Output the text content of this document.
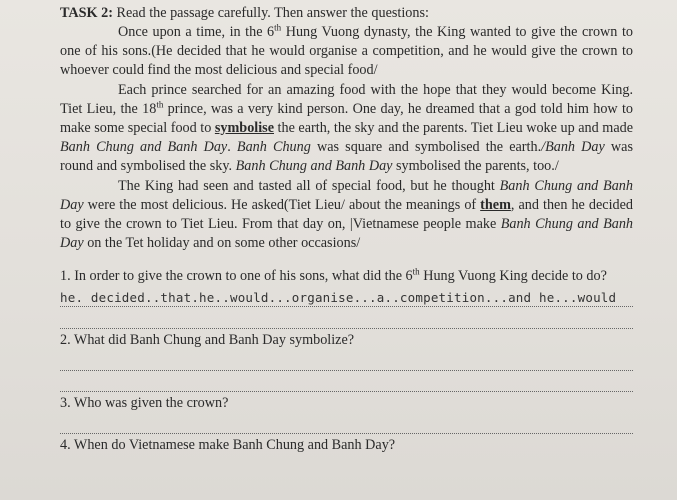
TASK 2: Read the passage carefully. Then answer the questions:

Once upon a time, in the 6th Hung Vuong dynasty, the King wanted to give the crown to one of his sons.(He decided that he would organise a competition, and he would give the crown to whoever could find the most delicious and special food/

Each prince searched for an amazing food with the hope that they would become King. Tiet Lieu, the 18th prince, was a very kind person. One day, he dreamed that a god told him how to make some special food to symbolise the earth, the sky and the parents. Tiet Lieu woke up and made Banh Chung and Banh Day. Banh Chung was square and symbolised the earth./Banh Day was round and symbolised the sky. Banh Chung and Banh Day symbolised the parents, too./

The King had seen and tasted all of special food, but he thought Banh Chung and Banh Day were the most delicious. He asked(Tiet Lieu/ about the meanings of them, and then he decided to give the crown to Tiet Lieu. From that day on, |Vietnamese people make Banh Chung and Banh Day on the Tet holiday and on some other occasions/

1. In order to give the crown to one of his sons, what did the 6th Hung Vuong King decide to do?

he. decided..that.he..would...organise...a..competition...and he...would

2. What did Banh Chung and Banh Day symbolize?

3. Who was given the crown?

4. When do Vietnamese make Banh Chung and Banh Day?
